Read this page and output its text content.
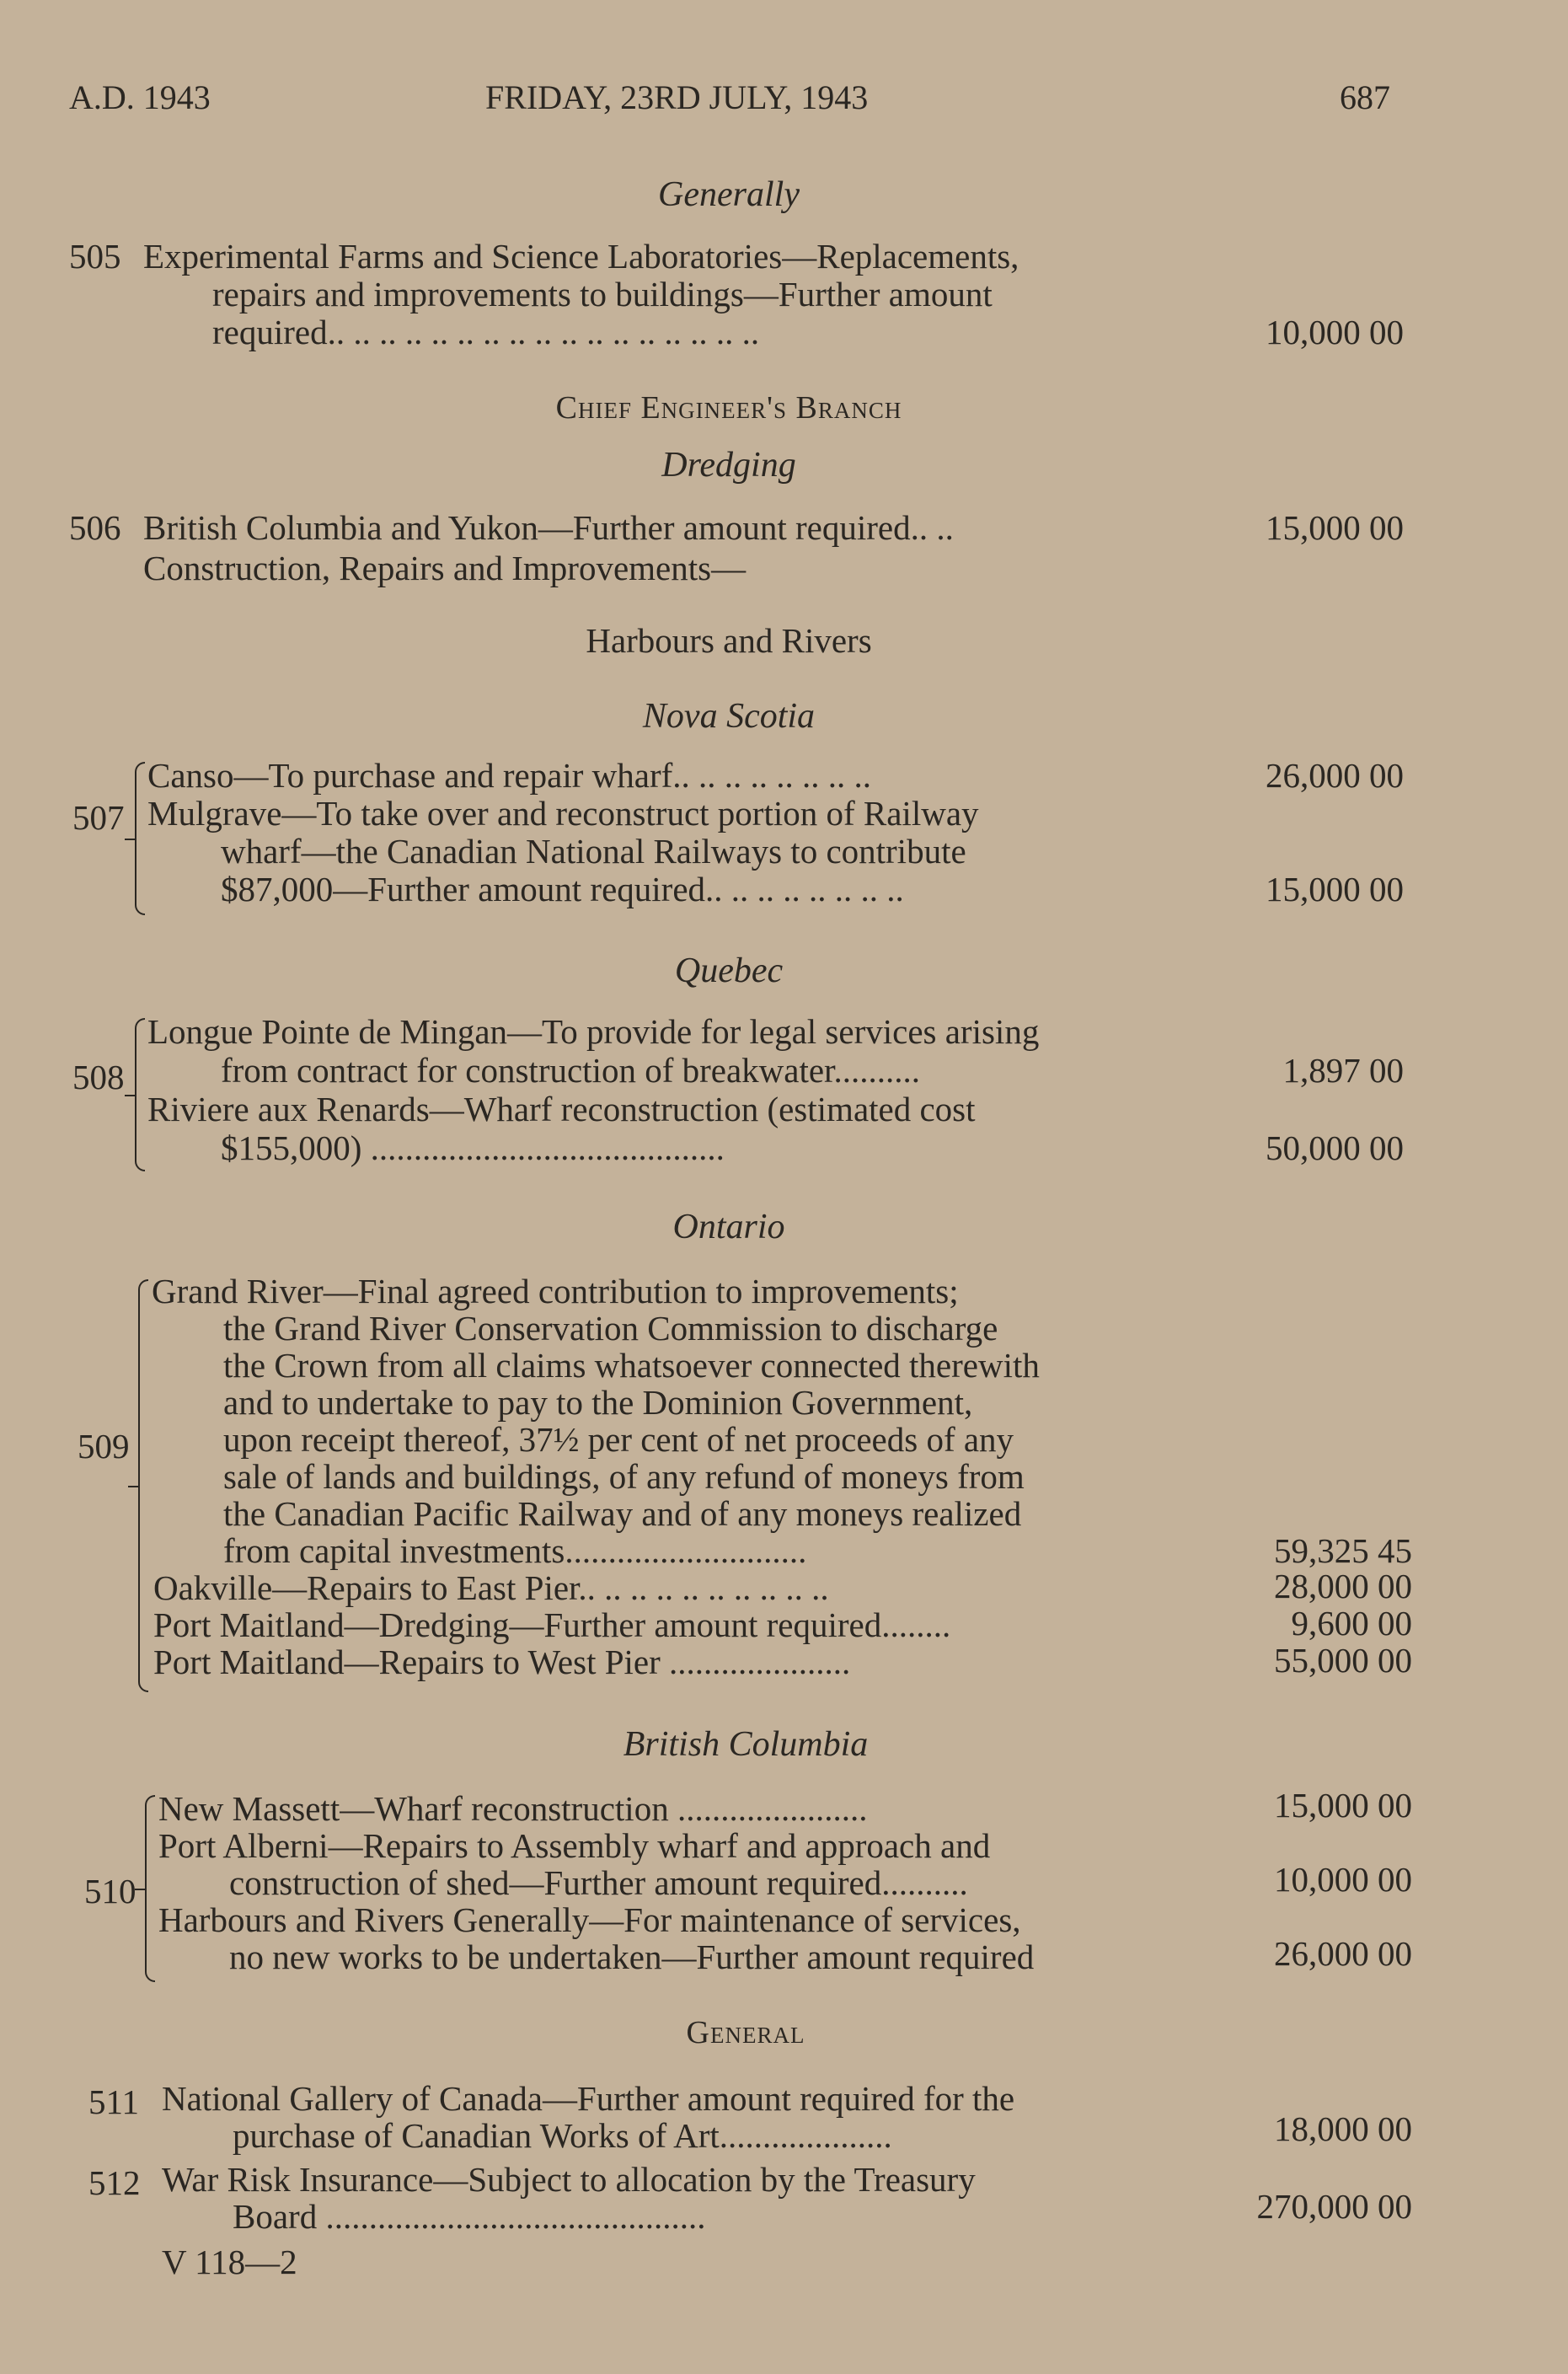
A.D. 1943	FRIDAY, 23RD JULY, 1943	687
Generally
505 Experimental Farms and Science Laboratories—Replacements,
repairs and improvements to buildings—Further amount
required.. .. .. .. .. .. .. .. .. .. .. .. .. .. .. .. ..	10,000 00
Chief Engineer's Branch
Dredging
506 British Columbia and Yukon—Further amount required.. ..	15,000 00
Construction, Repairs and Improvements—
Harbours and Rivers
Nova Scotia
507
Canso—To purchase and repair wharf.. .. .. .. .. .. .. ..	26,000 00
Mulgrave—To take over and reconstruct portion of Railway
wharf—the Canadian National Railways to contribute
$87,000—Further amount required.. .. .. .. .. .. .. ..	15,000 00
Quebec
508
Longue Pointe de Mingan—To provide for legal services arising
from contract for construction of breakwater..........	1,897 00
Riviere aux Renards—Wharf reconstruction (estimated cost
$155,000) .........................................	50,000 00
Ontario
509
Grand River—Final agreed contribution to improvements;
the Grand River Conservation Commission to discharge
the Crown from all claims whatsoever connected therewith
and to undertake to pay to the Dominion Government,
upon receipt thereof, 37½ per cent of net proceeds of any
sale of lands and buildings, of any refund of moneys from
the Canadian Pacific Railway and of any moneys realized
from capital investments............................	59,325 45
Oakville—Repairs to East Pier.. .. .. .. .. .. .. .. .. ..	28,000 00
Port Maitland—Dredging—Further amount required........	9,600 00
Port Maitland—Repairs to West Pier .....................	55,000 00
British Columbia
510
New Massett—Wharf reconstruction ......................	15,000 00
Port Alberni—Repairs to Assembly wharf and approach and
construction of shed—Further amount required..........	10,000 00
Harbours and Rivers Generally—For maintenance of services,
no new works to be undertaken—Further amount required	26,000 00
General
511 National Gallery of Canada—Further amount required for the
purchase of Canadian Works of Art....................	18,000 00
512 War Risk Insurance—Subject to allocation by the Treasury
Board ............................................	270,000 00
V 118—2
